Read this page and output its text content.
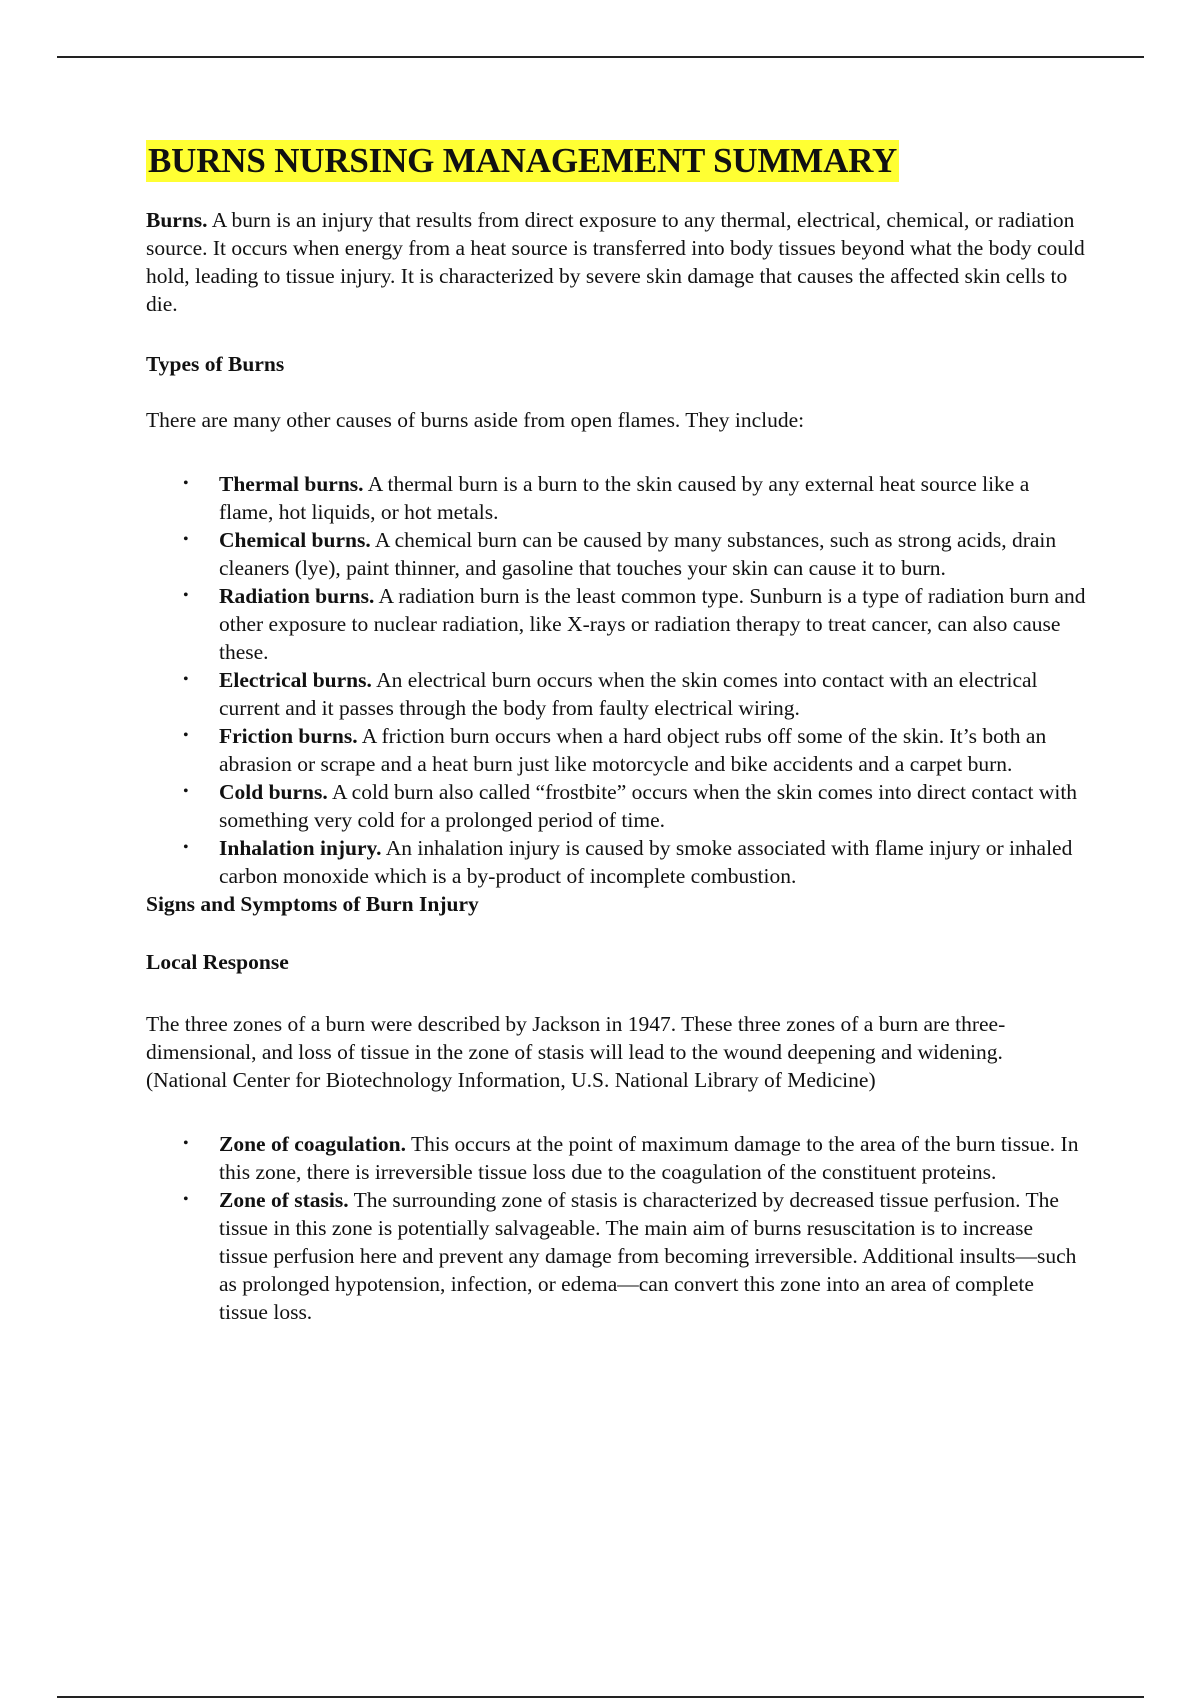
BURNS NURSING MANAGEMENT SUMMARY

Burns. A burn is an injury that results from direct exposure to any thermal, electrical, chemical, or radiation source. It occurs when energy from a heat source is transferred into body tissues beyond what the body could hold, leading to tissue injury. It is characterized by severe skin damage that causes the affected skin cells to die.

Types of Burns

There are many other causes of burns aside from open flames. They include:

• Thermal burns. A thermal burn is a burn to the skin caused by any external heat source like a flame, hot liquids, or hot metals.
• Chemical burns. A chemical burn can be caused by many substances, such as strong acids, drain cleaners (lye), paint thinner, and gasoline that touches your skin can cause it to burn.
• Radiation burns. A radiation burn is the least common type. Sunburn is a type of radiation burn and other exposure to nuclear radiation, like X-rays or radiation therapy to treat cancer, can also cause these.
• Electrical burns. An electrical burn occurs when the skin comes into contact with an electrical current and it passes through the body from faulty electrical wiring.
• Friction burns. A friction burn occurs when a hard object rubs off some of the skin. It’s both an abrasion or scrape and a heat burn just like motorcycle and bike accidents and a carpet burn.
• Cold burns. A cold burn also called “frostbite” occurs when the skin comes into direct contact with something very cold for a prolonged period of time.
• Inhalation injury. An inhalation injury is caused by smoke associated with flame injury or inhaled carbon monoxide which is a by-product of incomplete combustion.

Signs and Symptoms of Burn Injury

Local Response

The three zones of a burn were described by Jackson in 1947. These three zones of a burn are three-dimensional, and loss of tissue in the zone of stasis will lead to the wound deepening and widening. (National Center for Biotechnology Information, U.S. National Library of Medicine)

• Zone of coagulation. This occurs at the point of maximum damage to the area of the burn tissue. In this zone, there is irreversible tissue loss due to the coagulation of the constituent proteins.
• Zone of stasis. The surrounding zone of stasis is characterized by decreased tissue perfusion. The tissue in this zone is potentially salvageable. The main aim of burns resuscitation is to increase tissue perfusion here and prevent any damage from becoming irreversible. Additional insults—such as prolonged hypotension, infection, or edema—can convert this zone into an area of complete tissue loss.
